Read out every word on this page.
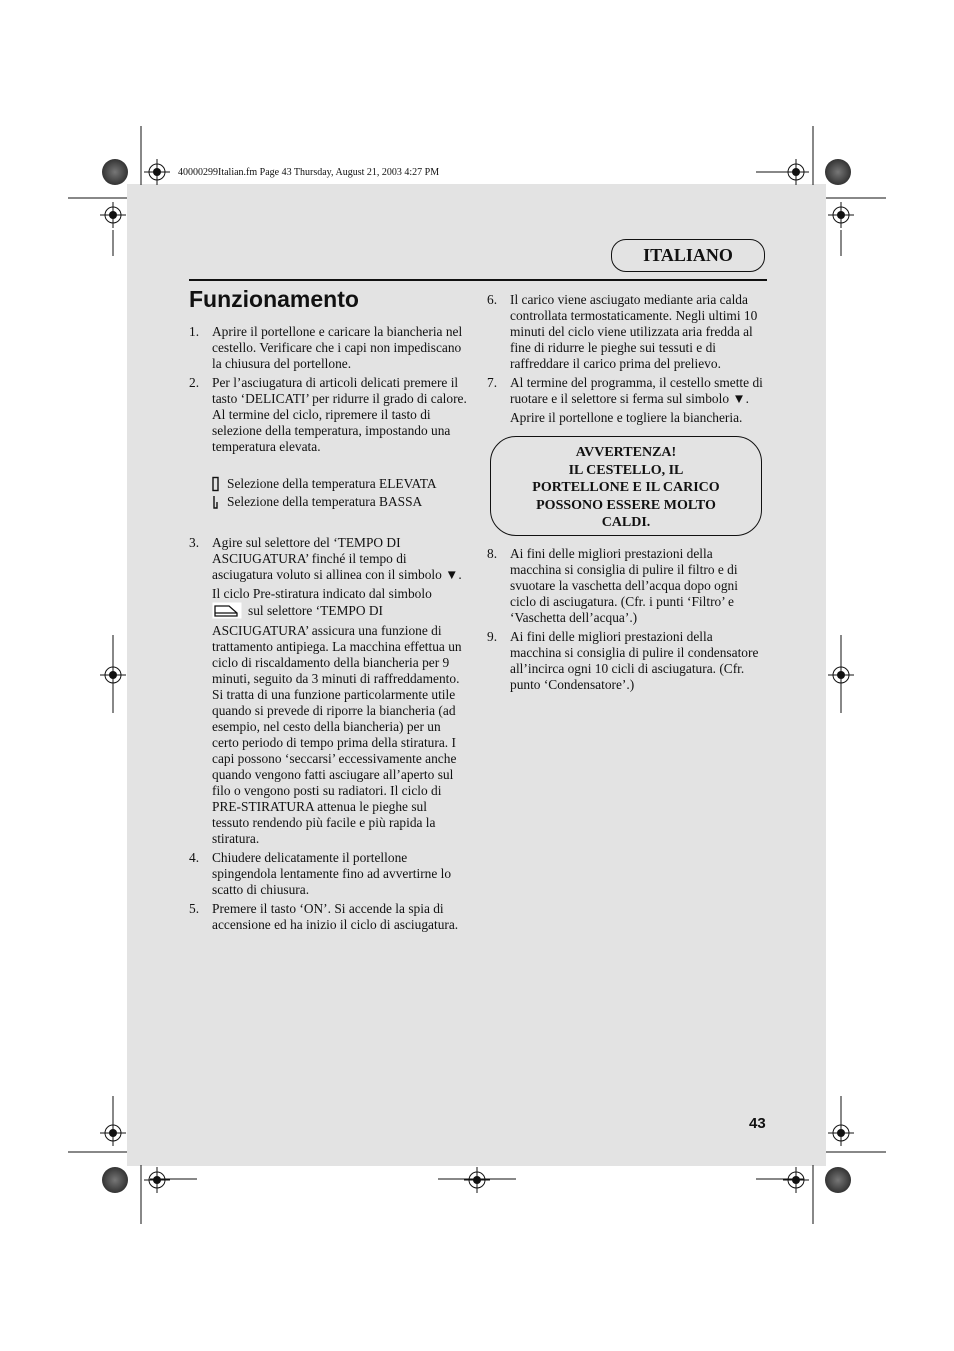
40000299Italian.fm Page 43 Thursday, August 21, 2003 4:27 PM
ITALIANO
Funzionamento
1. Aprire il portellone e caricare la biancheria nel cestello. Verificare che i capi non impediscano la chiusura del portellone.

2. Per l’asciugatura di articoli delicati premere il tasto ‘DELICATI’ per ridurre il grado di calore. Al termine del ciclo, ripremere il tasto di selezione della temperatura, impostando una temperatura elevata.

Selezione della temperatura ELEVATA
Selezione della temperatura BASSA
3. Agire sul selettore del ‘TEMPO DI ASCIUGATURA’ finché il tempo di asciugatura voluto si allinea con il simbolo ▼.

Il ciclo Pre-stiratura indicato dal simbolo
sul selettore ‘TEMPO DI ASCIUGATURA’ assicura una funzione di trattamento antipiega. La macchina effettua un ciclo di riscaldamento della biancheria per 9 minuti, seguito da 3 minuti di raffreddamento. Si tratta di una funzione particolarmente utile quando si prevede di riporre la biancheria (ad esempio, nel cesto della biancheria) per un certo periodo di tempo prima della stiratura. I capi possono ‘seccarsi’ eccessivamente anche quando vengono fatti asciugare all’aperto sul filo o vengono posti su radiatori. Il ciclo di PRE-STIRATURA attenua le pieghe sul tessuto rendendo più facile e più rapida la stiratura.

4. Chiudere delicatamente il portellone spingendola lentamente fino ad avvertirne lo scatto di chiusura.

5. Premere il tasto ‘ON’. Si accende la spia di accensione ed ha inizio il ciclo di asciugatura.

6. Il carico viene asciugato mediante aria calda controllata termostaticamente. Negli ultimi 10 minuti del ciclo viene utilizzata aria fredda al fine di ridurre le pieghe sui tessuti e di raffreddare il carico prima del prelievo.

7. Al termine del programma, il cestello smette di ruotare e il selettore si ferma sul simbolo ▼.

Aprire il portellone e togliere la biancheria.

AVVERTENZA!
IL CESTELLO, IL
PORTELLONE E IL CARICO
POSSONO ESSERE MOLTO
CALDI.
8. Ai fini delle migliori prestazioni della macchina si consiglia di pulire il filtro e di svuotare la vaschetta dell’acqua dopo ogni ciclo di asciugatura. (Cfr. i punti ‘Filtro’ e ‘Vaschetta dell’acqua’.)

9. Ai fini delle migliori prestazioni della macchina si consiglia di pulire il condensatore all’incirca ogni 10 cicli di asciugatura. (Cfr. punto ‘Condensatore’.)

43
